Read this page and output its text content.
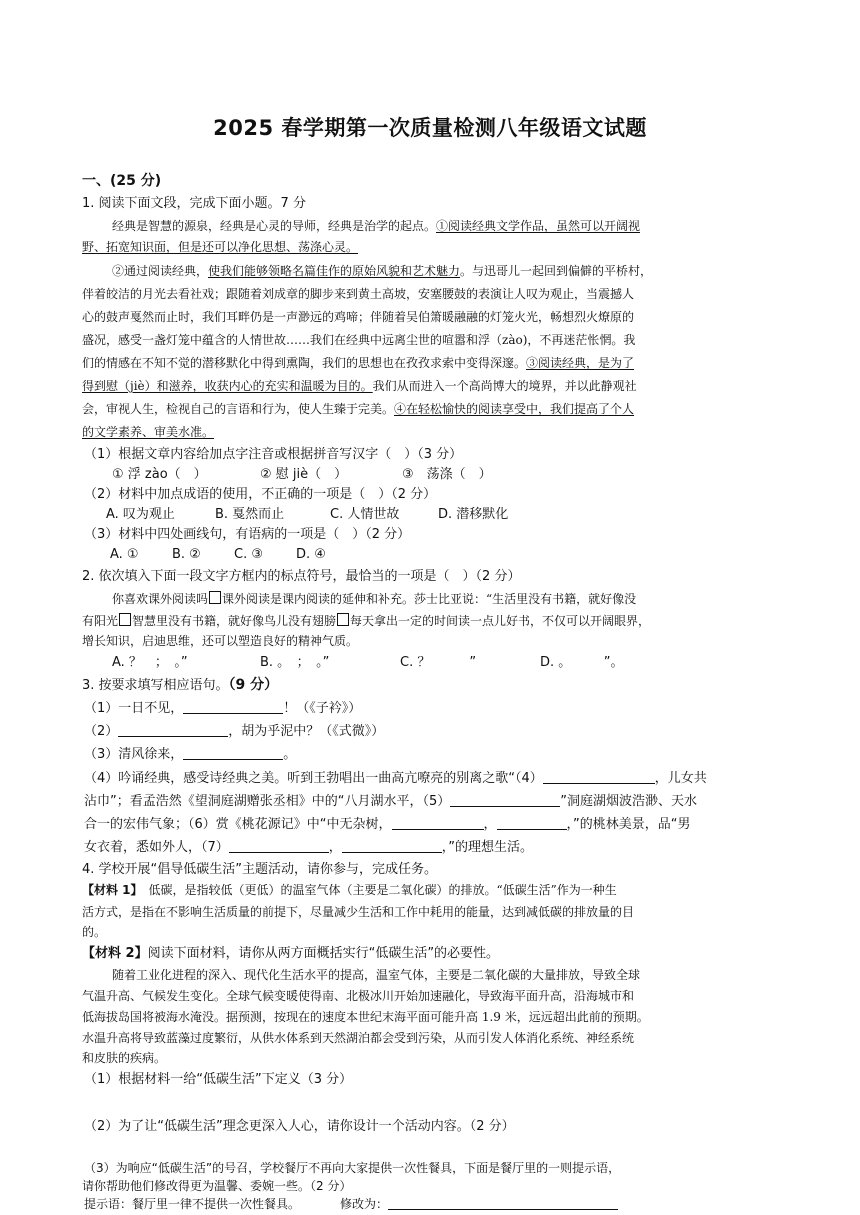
2025 春学期第一次质量检测八年级语文试题
一、(25 分)
1. 阅读下面文段，完成下面小题。7 分
经典是智慧的源泉，经典是心灵的导师，经典是治学的起点。①阅读经典文学作品，虽然可以开阔视
野、拓宽知识面，但是还可以净化思想、荡涤心灵。
②通过阅读经典，使我们能够领略名篇佳作的原始风貌和艺术魅力。与迅哥儿一起回到偏僻的平桥村，
伴着皎洁的月光去看社戏；跟随着刘成章的脚步来到黄土高坡，安塞腰鼓的表演让人叹为观止，当震撼人
心的鼓声戛然而止时，我们耳畔仍是一声渺远的鸡啼；伴随着吴伯箫暖融融的灯笼火光，畅想烈火燎原的
盛况，感受一盏灯笼中蕴含的人情世故……我们在经典中远离尘世的喧嚣和浮（zào)，不再迷茫怅惘。我
们的情感在不知不觉的潜移默化中得到熏陶，我们的思想也在孜孜求索中变得深邃。③阅读经典，是为了
得到慰（jiè）和滋养，收获内心的充实和温暖为目的。我们从而进入一个高尚博大的境界，并以此静观社
会，审视人生，检视自己的言语和行为，使人生臻于完美。④在轻松愉快的阅读享受中，我们提高了个人
的文学素养、审美水准。
（1）根据文章内容给加点字注音或根据拼音写汉字（　）（3 分）
① 浮 zào（　）	② 慰 jiè（　）	③　荡涤（　）
（2）材料中加点成语的使用，不正确的一项是（　）（2 分）
A. 叹为观止	B. 戛然而止	C. 人情世故	D. 潜移默化
（3）材料中四处画线句，有语病的一项是（　）（2 分）
A. ①	B. ②	C. ③	D. ④
2. 依次填入下面一段文字方框内的标点符号，最恰当的一项是（　）（2 分）
你喜欢课外阅读吗 课外阅读是课内阅读的延伸和补充。莎士比亚说：“生活里没有书籍，就好像没
有阳光 智慧里没有书籍，就好像鸟儿没有翅膀 每天拿出一定的时间读一点儿好书，不仅可以开阔眼界，
增长知识，启迪思维，还可以塑造良好的精神气质。
A. ？　；　。”	B. 。　；　。”	C. ？　　　”	D. 。　　　”。
3. 按要求填写相应语句。（9 分）
（1）一日不见，	！（《子衿》）
（2）	，胡为乎泥中？（《式微》）
（3）清风徐来，	。
（4）吟诵经典，感受诗经典之美。听到王勃唱出一曲高亢嘹亮的别离之歌“（4）	，儿女共
沾巾”；看孟浩然《望洞庭湖赠张丞相》中的“八月湖水平，（5）	”洞庭湖烟波浩渺、天水
合一的宏伟气象；（6）赏《桃花源记》中“中无杂树，	，	，”的桃林美景，品“男
女衣着，悉如外人，（7）	，	，”的理想生活。
4. 学校开展“倡导低碳生活”主题活动，请你参与，完成任务。
【材料 1】　低碳，是指较低（更低）的温室气体（主要是二氧化碳）的排放。“低碳生活”作为一种生
活方式，是指在不影响生活质量的前提下，尽量减少生活和工作中耗用的能量，达到减低碳的排放量的目
的。
【材料 2】阅读下面材料，请你从两方面概括实行“低碳生活”的必要性。
随着工业化进程的深入、现代化生活水平的提高，温室气体，主要是二氧化碳的大量排放，导致全球
气温升高、气候发生变化。全球气候变暖使得南、北极冰川开始加速融化，导致海平面升高，沿海城市和
低海拔岛国将被海水淹没。据预测，按现在的速度本世纪末海平面可能升高 1.9 米，远远超出此前的预期。
水温升高将导致蓝藻过度繁衍，从供水体系到天然湖泊都会受到污染，从而引发人体消化系统、神经系统
和皮肤的疾病。
（1）根据材料一给“低碳生活”下定义（3 分）
（2）为了让“低碳生活”理念更深入人心，请你设计一个活动内容。（2 分）
（3）为响应“低碳生活”的号召，学校餐厅不再向大家提供一次性餐具，下面是餐厅里的一则提示语，
请你帮助他们修改得更为温馨、委婉一些。（2 分）
提示语：餐厅里一律不提供一次性餐具。	修改为：
